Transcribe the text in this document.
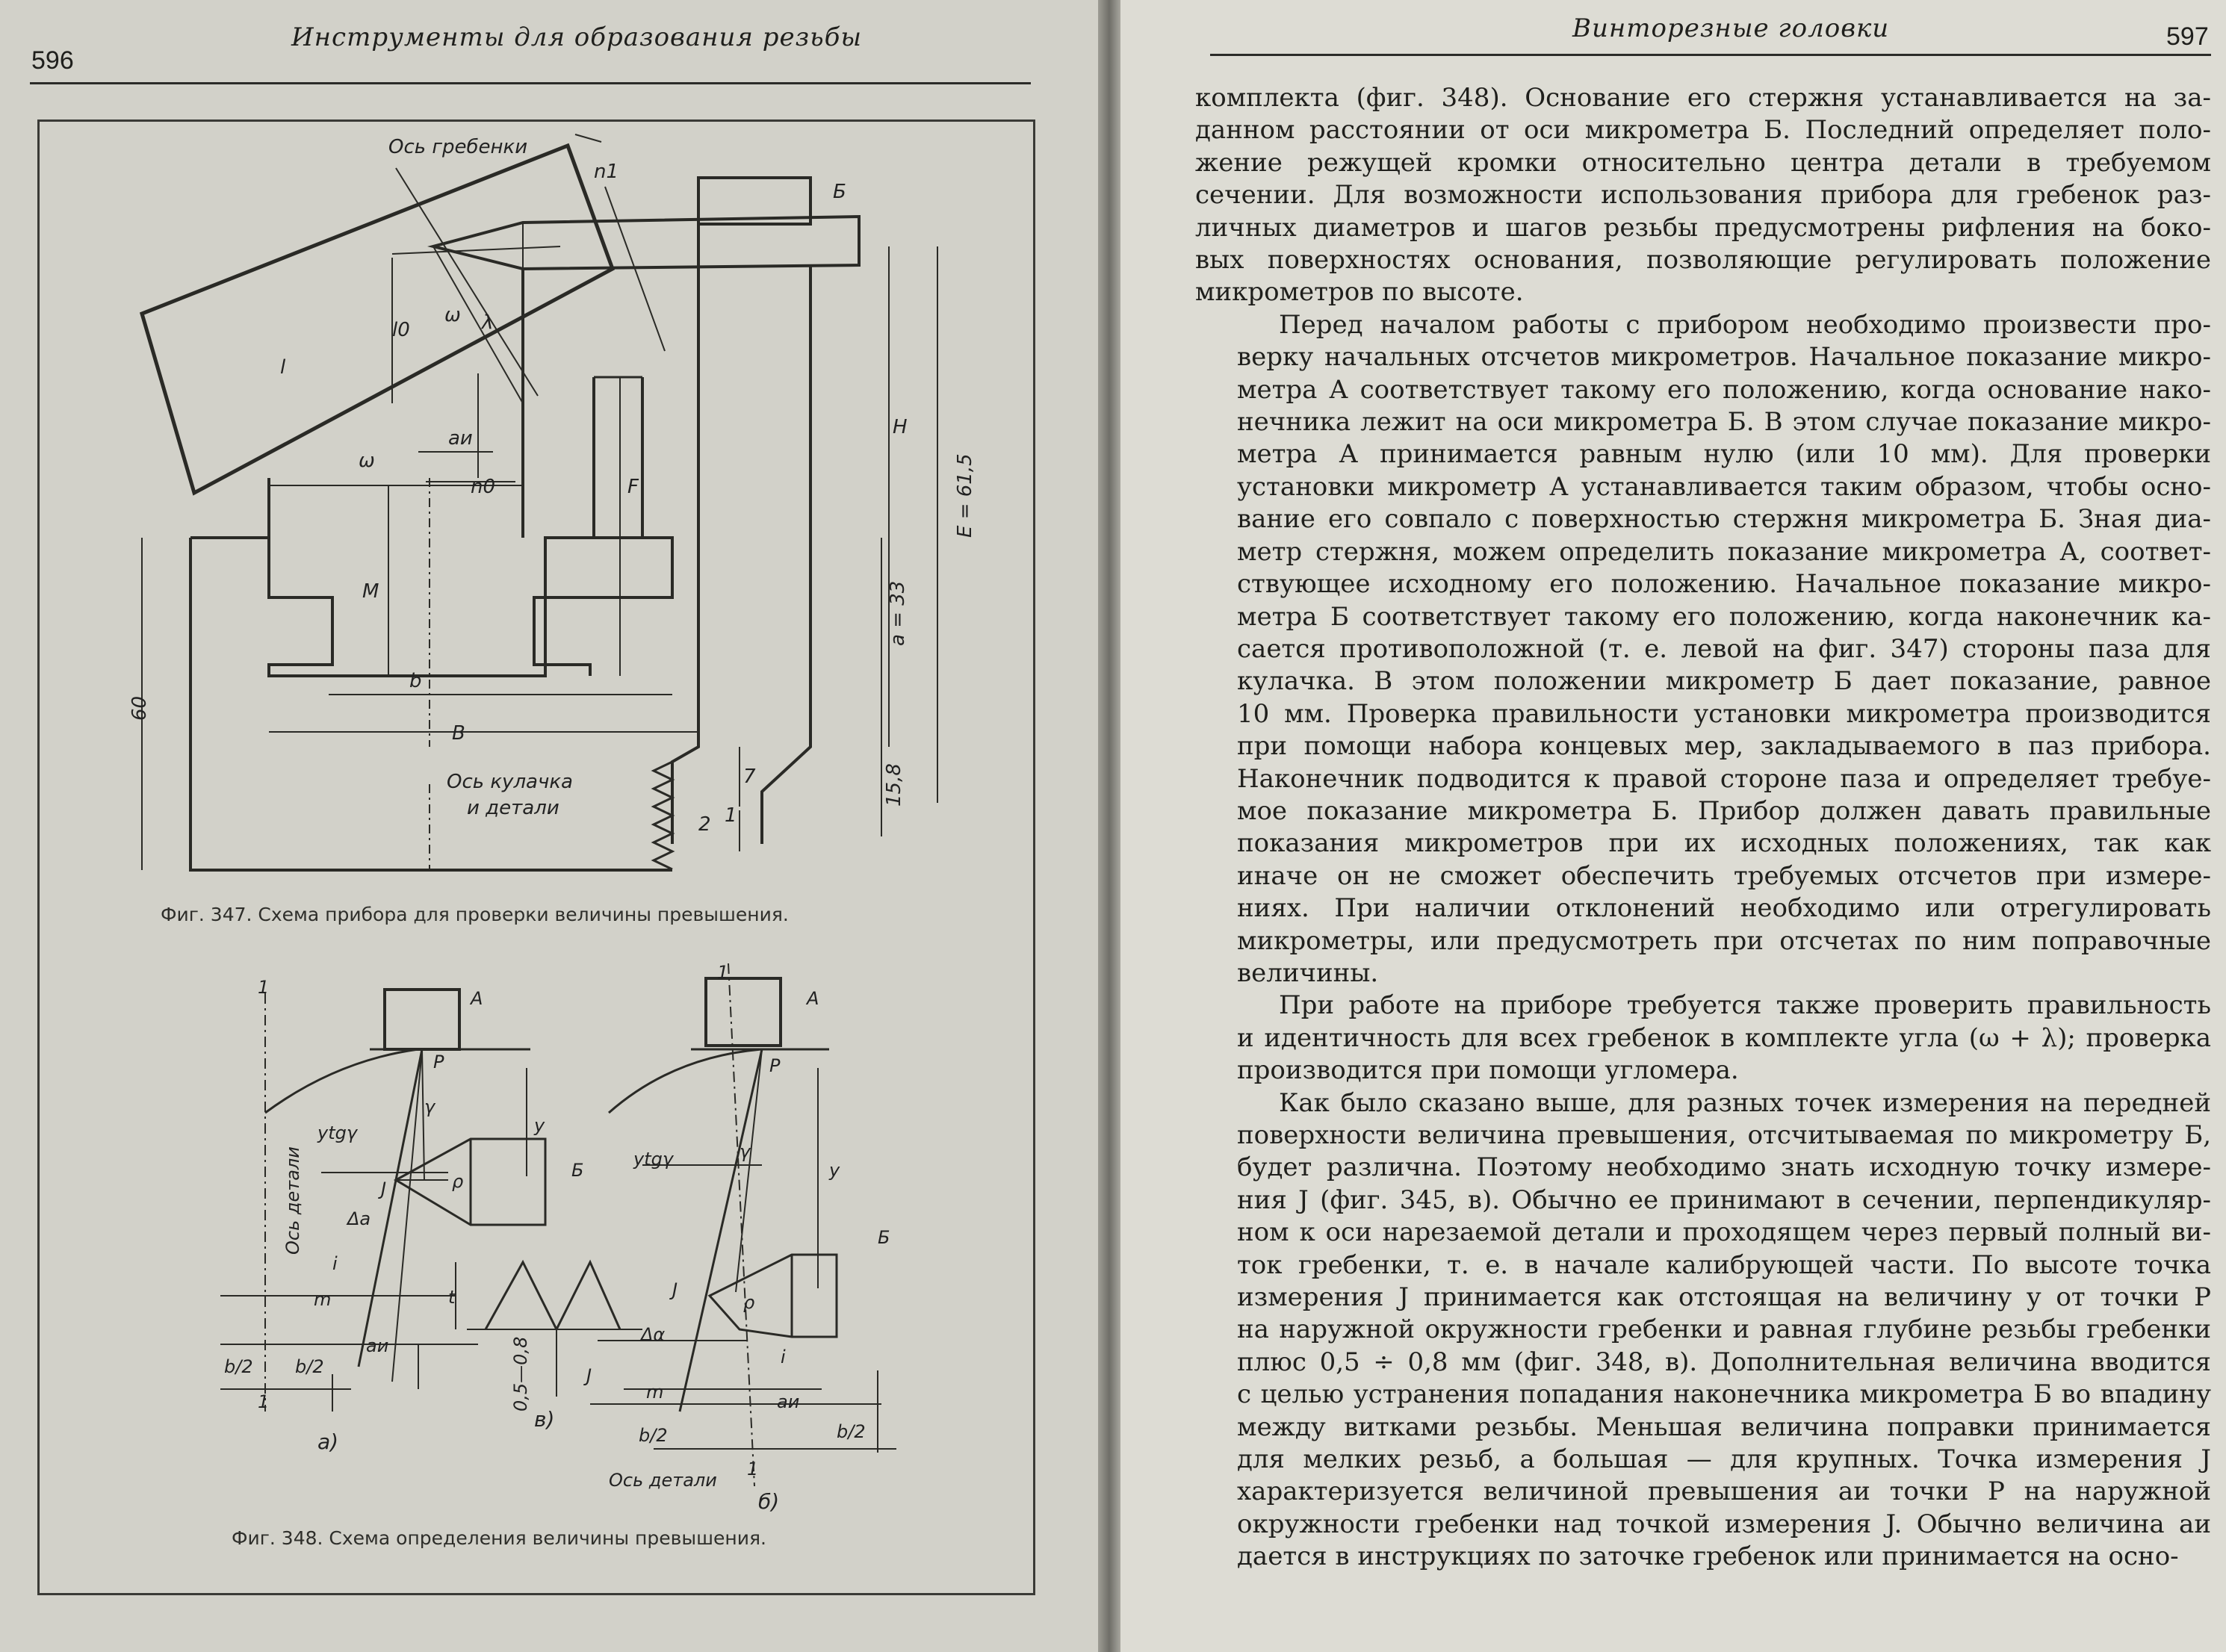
596
Инструменты для образования резьбы
Ось гребенки
Б
n1
l0
ω λ
l
aи
n0
ω
H
E = 61,5
F
M	a = 33
b
B
Ось кулачка
и детали
60
7	15,8
1
2
1
A
P
γ
y
ytgγ
J	ρ
Б
Δa
i
m
aи
b/2 b/2
1
Ось детали
а)
t
J
0,5—0,8
в)
1
A
P
γ
y
ytgγ
J
ρ
Б
Δα
i
m	aи
b/2	b/2
1
Ось детали
б)
Фиг. 347. Схема прибора для проверки величины превышения.
Фиг. 348. Схема определения величины превышения.
Винторезные головки	597

комплекта (фиг. 348). Основание его стержня устанавливается на за-
данном расстоянии от оси микрометра Б. Последний определяет поло-
жение режущей кромки относительно центра детали в требуемом
сечении. Для возможности использования прибора для гребенок раз-
личных диаметров и шагов резьбы предусмотрены рифления на боко-
вых поверхностях основания, позволяющие регулировать положение
микрометров по высоте.

Перед началом работы с прибором необходимо произвести про-
верку начальных отсчетов микрометров. Начальное показание микро-
метра А соответствует такому его положению, когда основание нако-
нечника лежит на оси микрометра Б. В этом случае показание микро-
метра А принимается равным нулю (или 10 мм). Для проверки
установки микрометр А устанавливается таким образом, чтобы осно-
вание его совпало с поверхностью стержня микрометра Б. Зная диа-
метр стержня, можем определить показание микрометра А, соответ-
ствующее исходному его положению. Начальное показание микро-
метра Б соответствует такому его положению, когда наконечник ка-
сается противоположной (т. е. левой на фиг. 347) стороны паза для
кулачка. В этом положении микрометр Б дает показание, равное
10 мм. Проверка правильности установки микрометра производится
при помощи набора концевых мер, закладываемого в паз прибора.
Наконечник подводится к правой стороне паза и определяет требуе-
мое показание микрометра Б. Прибор должен давать правильные
показания микрометров при их исходных положениях, так как
иначе он не сможет обеспечить требуемых отсчетов при измере-
ниях. При наличии отклонений необходимо или отрегулировать
микрометры, или предусмотреть при отсчетах по ним поправочные
величины.

При работе на приборе требуется также проверить правильность
и идентичность для всех гребенок в комплекте угла (ω + λ); проверка
производится при помощи угломера.

Как было сказано выше, для разных точек измерения на передней
поверхности величина превышения, отсчитываемая по микрометру Б,
будет различна. Поэтому необходимо знать исходную точку измере-
ния J (фиг. 345, в). Обычно ее принимают в сечении, перпендикуляр-
ном к оси нарезаемой детали и проходящем через первый полный ви-
ток гребенки, т. е. в начале калибрующей части. По высоте точка
измерения J принимается как отстоящая на величину y от точки P
на наружной окружности гребенки и равная глубине резьбы гребенки
плюс 0,5 ÷ 0,8 мм (фиг. 348, в). Дополнительная величина вводится
с целью устранения попадания наконечника микрометра Б во впадину
между витками резьбы. Меньшая величина поправки принимается
для мелких резьб, а большая — для крупных. Точка измерения J
характеризуется величиной превышения aи точки P на наружной
окружности гребенки над точкой измерения J. Обычно величина aи
дается в инструкциях по заточке гребенок или принимается на осно-
